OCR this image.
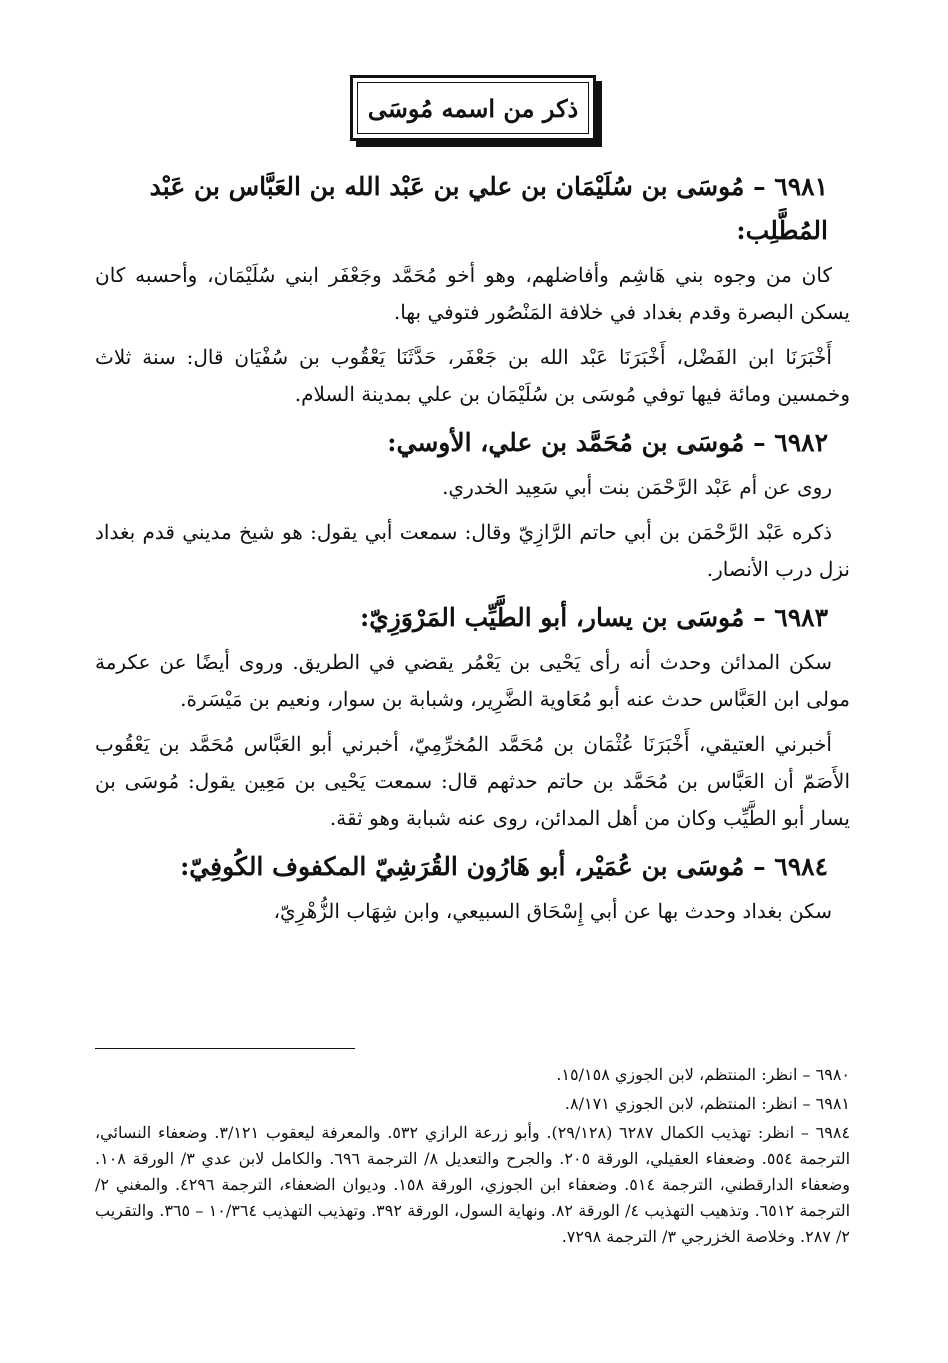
ذكر من اسمه مُوسَى

٦٩٨١ – مُوسَى بن سُلَيْمَان بن علي بن عَبْد الله بن العَبَّاس بن عَبْد المُطَّلِب:

كان من وجوه بني هَاشِم وأفاضلهم، وهو أخو مُحَمَّد وجَعْفَر ابني سُلَيْمَان، وأحسبه كان يسكن البصرة وقدم بغداد في خلافة المَنْصُور فتوفي بها.

أَخْبَرَنَا ابن الفَضْل، أَخْبَرَنَا عَبْد الله بن جَعْفَر، حَدَّثَنَا يَعْقُوب بن سُفْيَان قال: سنة ثلاث وخمسين ومائة فيها توفي مُوسَى بن سُلَيْمَان بن علي بمدينة السلام.

٦٩٨٢ – مُوسَى بن مُحَمَّد بن علي، الأوسي:

روى عن أم عَبْد الرَّحْمَن بنت أبي سَعِيد الخدري.

ذكره عَبْد الرَّحْمَن بن أبي حاتم الرَّازِيّ وقال: سمعت أبي يقول: هو شيخ مديني قدم بغداد نزل درب الأنصار.

٦٩٨٣ – مُوسَى بن يسار، أبو الطَّيِّب المَرْوَزِيّ:

سكن المدائن وحدث أنه رأى يَحْيى بن يَعْمُر يقضي في الطريق. وروى أيضًا عن عكرمة مولى ابن العَبَّاس حدث عنه أبو مُعَاوية الضَّرِير، وشبابة بن سوار، ونعيم بن مَيْسَرة.

أخبرني العتيقي، أَخْبَرَنَا عُثْمَان بن مُحَمَّد المُخرِّمِيّ، أخبرني أبو العَبَّاس مُحَمَّد بن يَعْقُوب الأَصَمّ أن العَبَّاس بن مُحَمَّد بن حاتم حدثهم قال: سمعت يَحْيى بن مَعِين يقول: مُوسَى بن يسار أبو الطَّيِّب وكان من أهل المدائن، روى عنه شبابة وهو ثقة.

٦٩٨٤ – مُوسَى بن عُمَيْر، أبو هَارُون القُرَشِيّ المكفوف الكُوفِيّ:

سكن بغداد وحدث بها عن أبي إِسْحَاق السبيعي، وابن شِهَاب الزُّهْرِيّ،

٦٩٨٠ – انظر: المنتظم، لابن الجوزي ١٥/١٥٨.

٦٩٨١ – انظر: المنتظم، لابن الجوزي ٨/١٧١.

٦٩٨٤ – انظر: تهذيب الكمال ٦٢٨٧ (٢٩/١٢٨). وأبو زرعة الرازي ٥٣٢. والمعرفة ليعقوب ٣/١٢١. وضعفاء النسائي، الترجمة ٥٥٤. وضعفاء العقيلي، الورقة ٢٠٥. والجرح والتعديل ٨/ الترجمة ٦٩٦. والكامل لابن عدي ٣/ الورقة ١٠٨. وضعفاء الدارقطني، الترجمة ٥١٤. وضعفاء ابن الجوزي، الورقة ١٥٨. وديوان الضعفاء، الترجمة ٤٢٩٦. والمغني ٢/ الترجمة ٦٥١٢. وتذهيب التهذيب ٤/ الورقة ٨٢. ونهاية السول، الورقة ٣٩٢. وتهذيب التهذيب ١٠/٣٦٤ – ٣٦٥. والتقريب ٢/ ٢٨٧. وخلاصة الخزرجي ٣/ الترجمة ٧٢٩٨.
